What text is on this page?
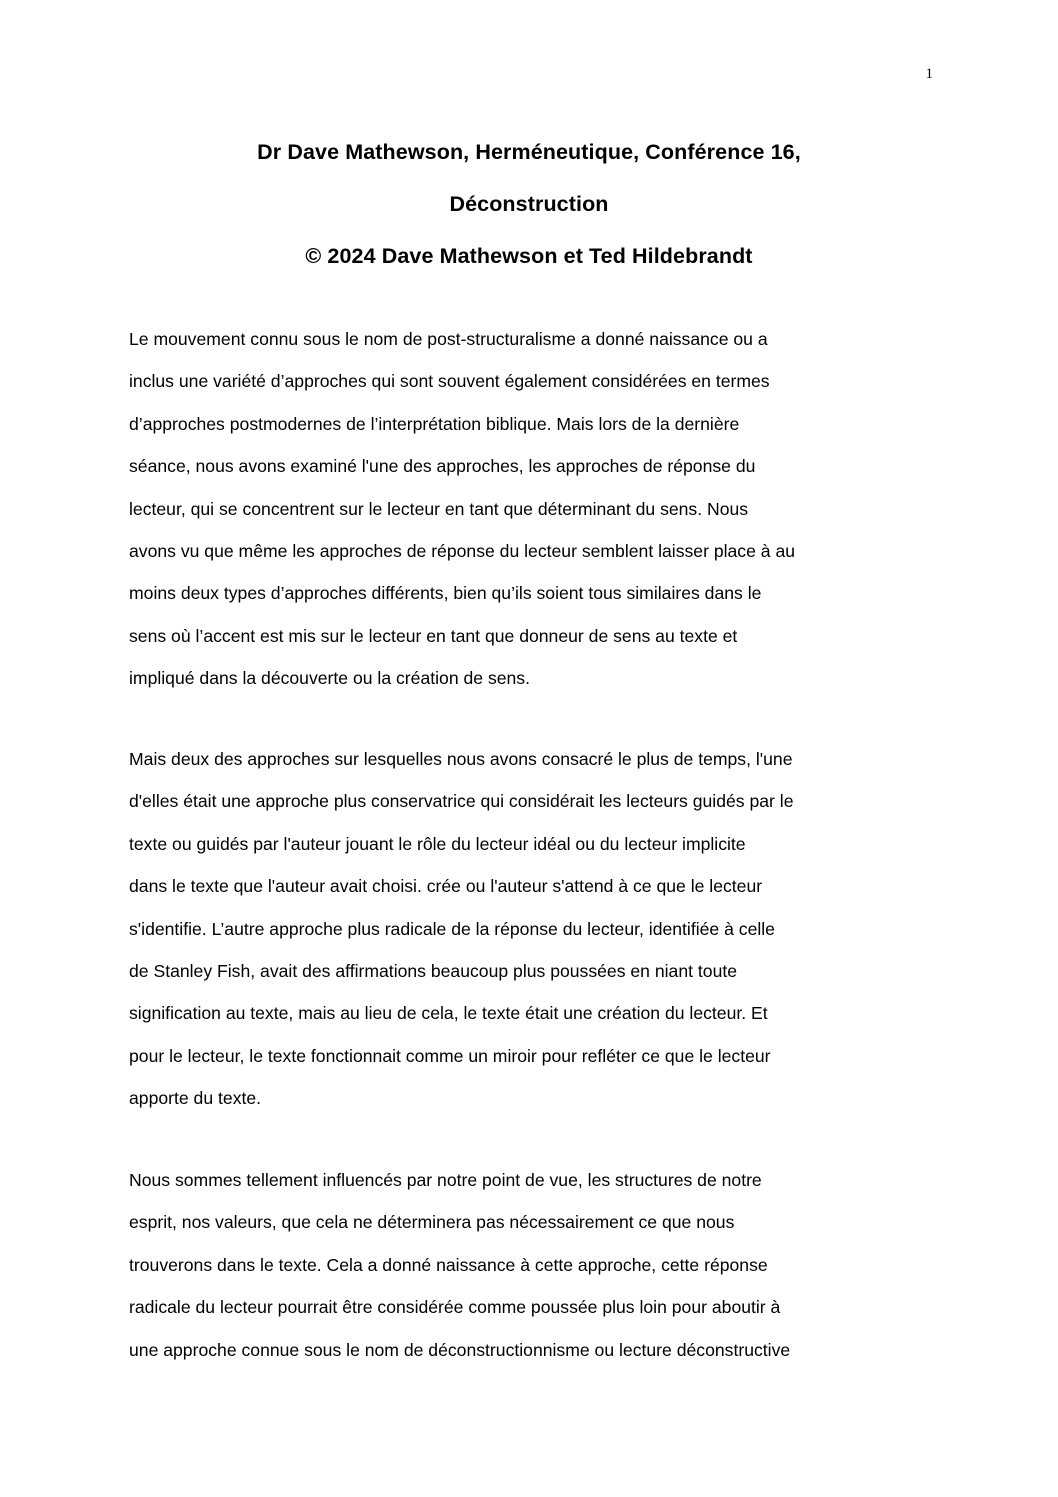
1
Dr Dave Mathewson, Herméneutique, Conférence 16,
Déconstruction
© 2024 Dave Mathewson et Ted Hildebrandt
Le mouvement connu sous le nom de post-structuralisme a donné naissance ou a
inclus une variété d’approches qui sont souvent également considérées en termes
d’approches postmodernes de l’interprétation biblique. Mais lors de la dernière
séance, nous avons examiné l'une des approches, les approches de réponse du
lecteur, qui se concentrent sur le lecteur en tant que déterminant du sens. Nous
avons vu que même les approches de réponse du lecteur semblent laisser place à au
moins deux types d’approches différents, bien qu’ils soient tous similaires dans le
sens où l’accent est mis sur le lecteur en tant que donneur de sens au texte et
impliqué dans la découverte ou la création de sens.
Mais deux des approches sur lesquelles nous avons consacré le plus de temps, l'une
d'elles était une approche plus conservatrice qui considérait les lecteurs guidés par le
texte ou guidés par l'auteur jouant le rôle du lecteur idéal ou du lecteur implicite
dans le texte que l'auteur avait choisi. crée ou l'auteur s'attend à ce que le lecteur
s'identifie. L’autre approche plus radicale de la réponse du lecteur, identifiée à celle
de Stanley Fish, avait des affirmations beaucoup plus poussées en niant toute
signification au texte, mais au lieu de cela, le texte était une création du lecteur. Et
pour le lecteur, le texte fonctionnait comme un miroir pour refléter ce que le lecteur
apporte du texte.
Nous sommes tellement influencés par notre point de vue, les structures de notre
esprit, nos valeurs, que cela ne déterminera pas nécessairement ce que nous
trouverons dans le texte. Cela a donné naissance à cette approche, cette réponse
radicale du lecteur pourrait être considérée comme poussée plus loin pour aboutir à
une approche connue sous le nom de déconstructionnisme ou lecture déconstructive
